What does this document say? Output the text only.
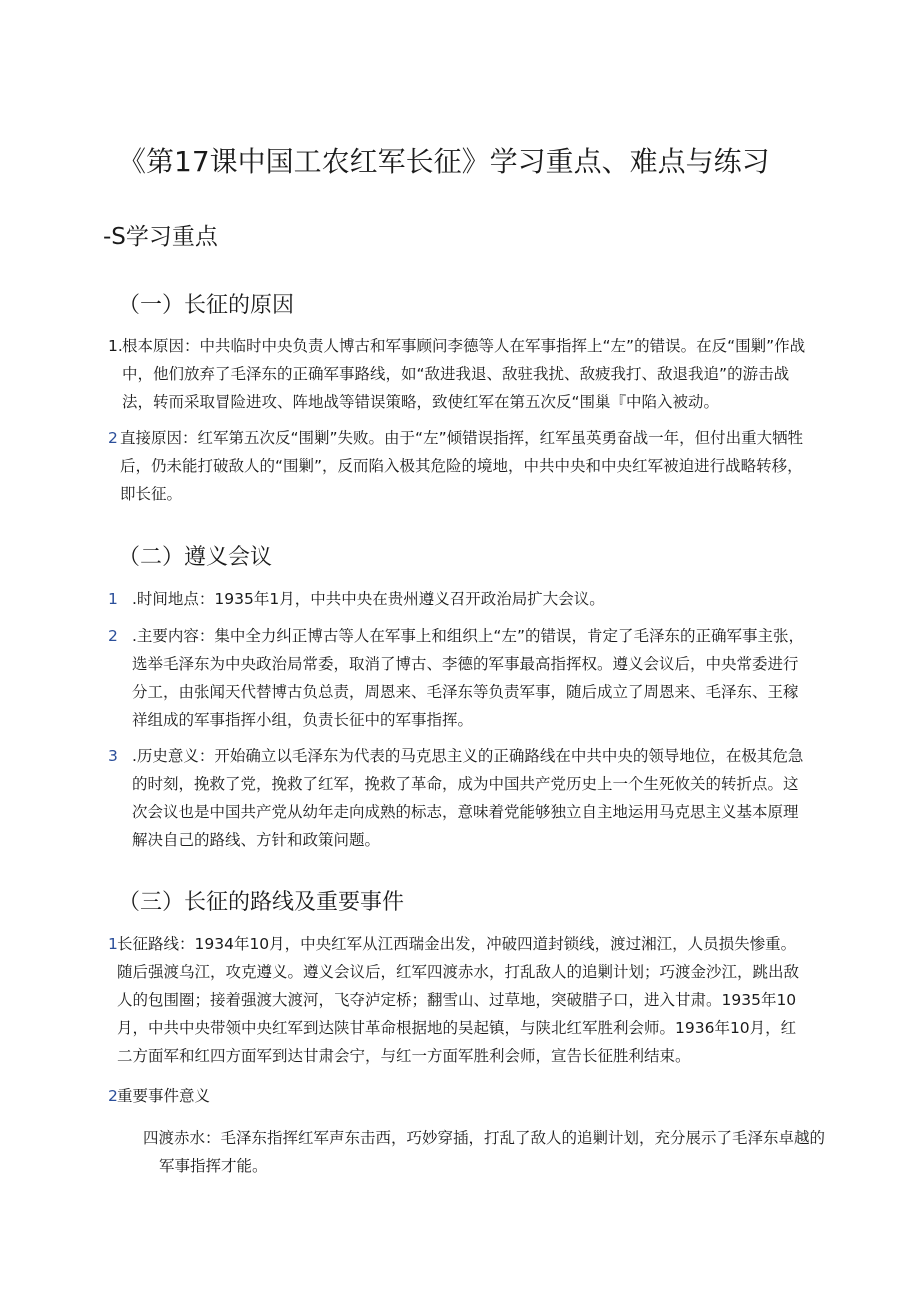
《第17课中国工农红军长征》学习重点、难点与练习
-S学习重点
（一）长征的原因
1. 根本原因：中共临时中央负责人博古和军事顾问李德等人在军事指挥上“左”的错误。在反“围剿”作战中，他们放弃了毛泽东的正确军事路线，如“敌进我退、敌驻我扰、敌疲我打、敌退我追”的游击战法，转而采取冒险进攻、阵地战等错误策略，致使红军在第五次反“围巢『中陷入被动。
2 直接原因：红军第五次反“围剿”失败。由于“左”倾错误指挥，红军虽英勇奋战一年，但付出重大牺牲后，仍未能打破敌人的“围剿”，反而陷入极其危险的境地，中共中央和中央红军被迫进行战略转移，即长征。
（二）遵义会议
1 .时间地点：1935年1月，中共中央在贵州遵义召开政治局扩大会议。
2 .主要内容：集中全力纠正博古等人在军事上和组织上“左”的错误，肯定了毛泽东的正确军事主张，选举毛泽东为中央政治局常委，取消了博古、李德的军事最高指挥权。遵义会议后，中央常委进行分工，由张闻天代替博古负总责，周恩来、毛泽东等负责军事，随后成立了周恩来、毛泽东、王稼祥组成的军事指挥小组，负责长征中的军事指挥。
3 .历史意义：开始确立以毛泽东为代表的马克思主义的正确路线在中共中央的领导地位，在极其危急的时刻，挽救了党，挽救了红军，挽救了革命，成为中国共产党历史上一个生死攸关的转折点。这次会议也是中国共产党从幼年走向成熟的标志，意味着党能够独立自主地运用马克思主义基本原理解决自己的路线、方针和政策问题。
（三）长征的路线及重要事件
1 长征路线：1934年10月，中央红军从江西瑞金出发，冲破四道封锁线，渡过湘江，人员损失惨重。随后强渡乌江，攻克遵义。遵义会议后，红军四渡赤水，打乱敌人的追剿计划；巧渡金沙江，跳出敌人的包围圈；接着强渡大渡河，飞夺泸定桥；翻雪山、过草地，突破腊子口，进入甘肃。1935年10月，中共中央带领中央红军到达陕甘革命根据地的吴起镇，与陕北红军胜利会师。1936年10月，红二方面军和红四方面军到达甘肃会宁，与红一方面军胜利会师，宣告长征胜利结束。
2 重要事件意义
四渡赤水：毛泽东指挥红军声东击西，巧妙穿插，打乱了敌人的追剿计划，充分展示了毛泽东卓越的军事指挥才能。
